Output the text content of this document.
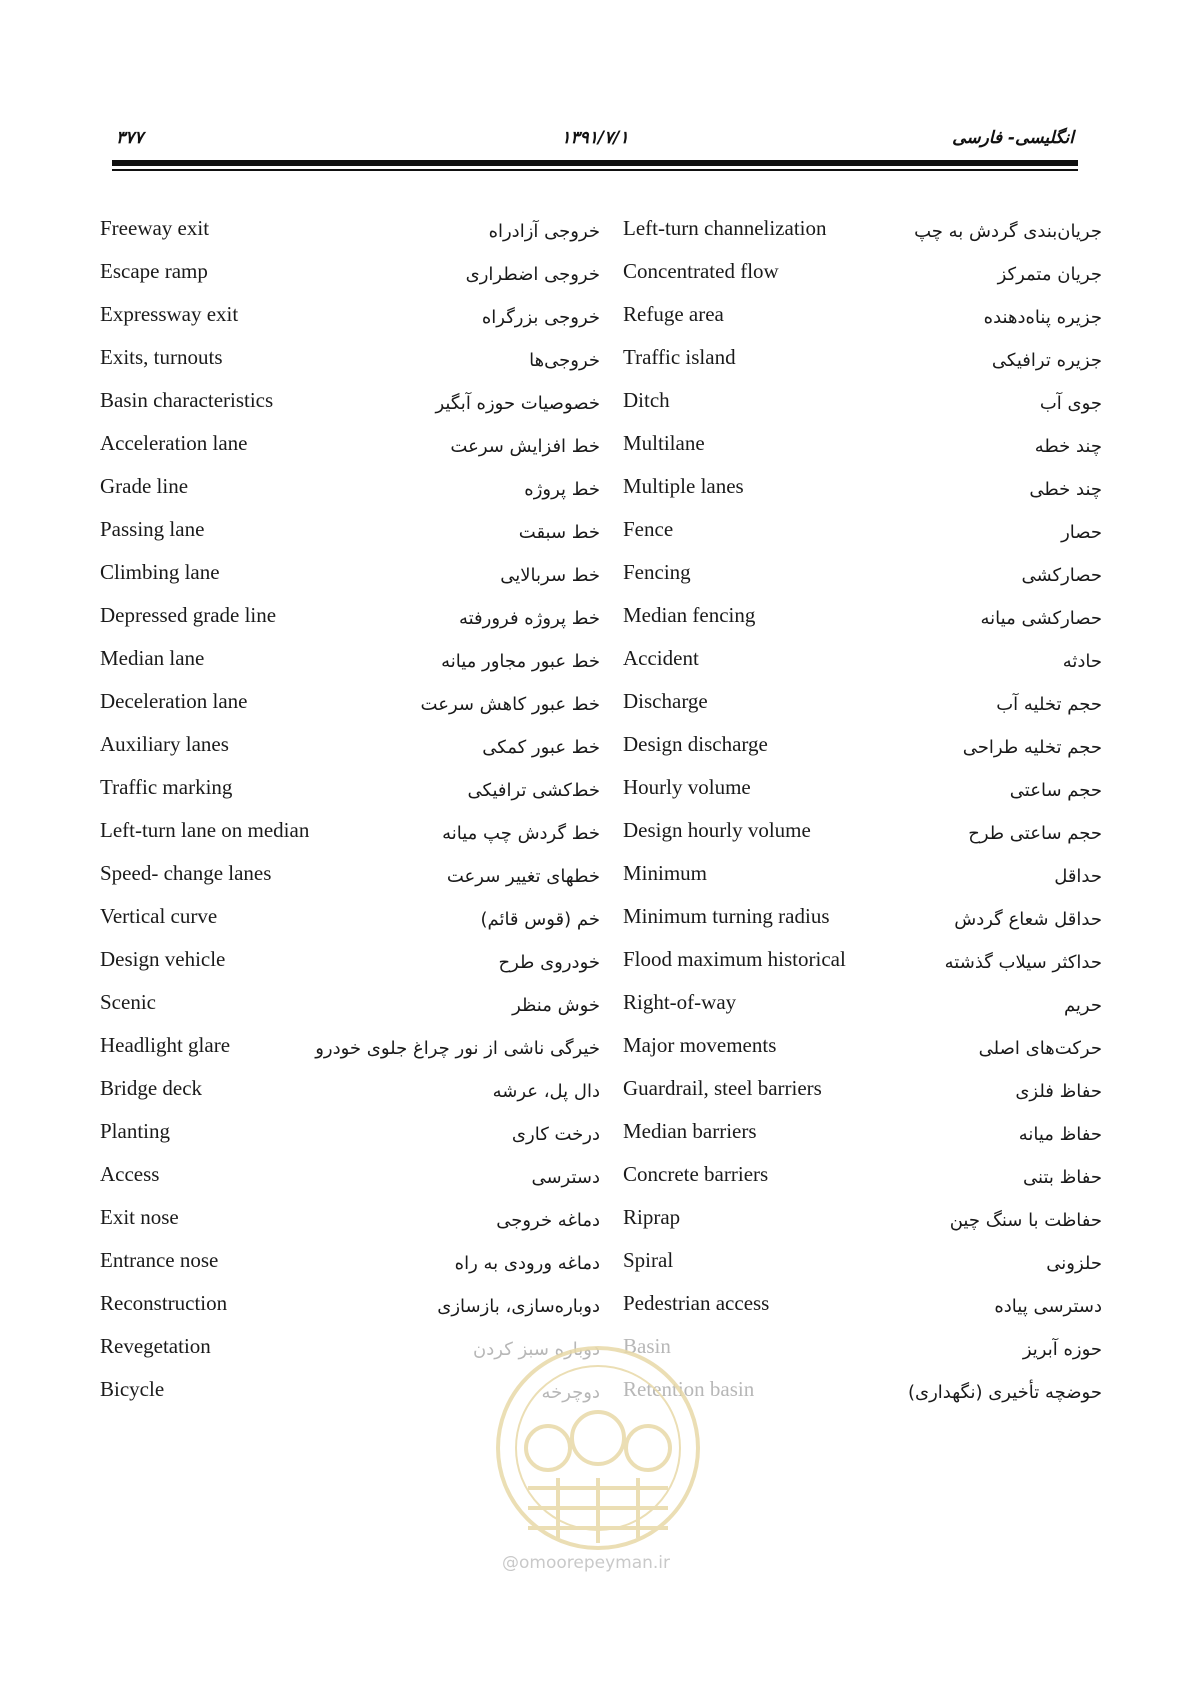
۳۷۷	۱۳۹۱/۷/۱	انگلیسی- فارسی
Freeway exit	خروجی آزادراه Left-turn channelization	جریان‌بندی گردش به چپ
Escape ramp	خروجی اضطراری Concentrated flow	جریان متمرکز
Expressway exit	خروجی بزرگراه Refuge area	جزیره پناه‌دهنده
Exits, turnouts	خروجی‌ها Traffic island	جزیره ترافیکی
Basin characteristics	خصوصیات حوزه آبگیر Ditch	جوی آب
Acceleration lane	خط افزایش سرعت Multilane	چند خطه
Grade line	خط پروژه Multiple lanes	چند خطی
Passing lane	خط سبقت Fence	حصار
Climbing lane	خط سربالایی Fencing	حصارکشی
Depressed grade line	خط پروژه فرورفته Median fencing	حصارکشی میانه
Median lane	خط عبور مجاور میانه Accident	حادثه
Deceleration lane	خط عبور کاهش سرعت Discharge	حجم تخلیه آب
Auxiliary lanes	خط عبور کمکی Design discharge	حجم تخلیه طراحی
Traffic marking	خط‌کشی ترافیکی Hourly volume	حجم ساعتی
Left-turn lane on median	خط گردش چپ میانه Design hourly volume	حجم ساعتی طرح
Speed- change lanes	خطهای تغییر سرعت Minimum	حداقل
Vertical curve	خم (قوس قائم) Minimum turning radius	حداقل شعاع گردش
Design vehicle	خودروی طرح Flood maximum historical	حداکثر سیلاب گذشته
Scenic	خوش منظر Right-of-way	حریم
Headlight glare	خیرگی ناشی از نور چراغ جلوی خودرو Major movements	حرکت‌های اصلی
Bridge deck	دال پل، عرشه Guardrail, steel barriers	حفاظ فلزی
Planting	درخت کاری Median barriers	حفاظ میانه
Access	دسترسی Concrete barriers	حفاظ بتنی
Exit nose	دماغه خروجی Riprap	حفاظت با سنگ چین
Entrance nose	دماغه ورودی به راه Spiral	حلزونی
Reconstruction	دوباره‌سازی، بازسازی Pedestrian access	دسترسی پیاده
Revegetation	دوباره سبز کردن Basin	حوزه آبریز
Bicycle	دوچرخه Retention basin	حوضچه تأخیری (نگهداری)
@omoorepeyman.ir
